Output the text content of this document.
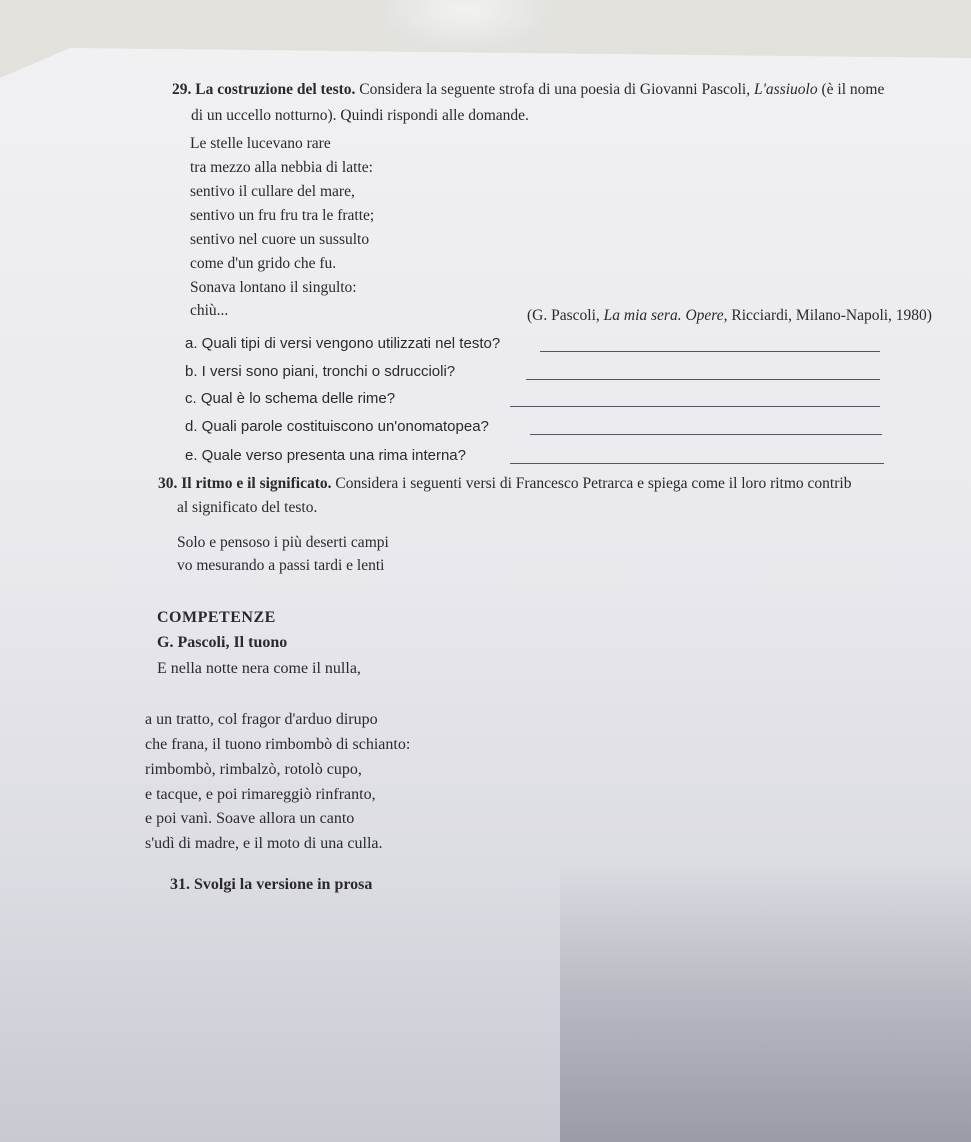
29. La costruzione del testo. Considera la seguente strofa di una poesia di Giovanni Pascoli, L'assiuolo (è il nome
di un uccello notturno). Quindi rispondi alle domande.
Le stelle lucevano rare
tra mezzo alla nebbia di latte:
sentivo il cullare del mare,
sentivo un fru fru tra le fratte;
sentivo nel cuore un sussulto
come d'un grido che fu.
Sonava lontano il singulto:
chiù...	(G. Pascoli, La mia sera. Opere, Ricciardi, Milano-Napoli, 1980)
a. Quali tipi di versi vengono utilizzati nel testo?
b. I versi sono piani, tronchi o sdruccioli?
c. Qual è lo schema delle rime?
d. Quali parole costituiscono un'onomatopea?
e. Quale verso presenta una rima interna?
30. Il ritmo e il significato. Considera i seguenti versi di Francesco Petrarca e spiega come il loro ritmo contrib
al significato del testo.
Solo e pensoso i più deserti campi
vo mesurando a passi tardi e lenti
COMPETENZE
G. Pascoli, Il tuono
E nella notte nera come il nulla,
a un tratto, col fragor d'arduo dirupo
che frana, il tuono rimbombò di schianto:
rimbombò, rimbalzò, rotolò cupo,
e tacque, e poi rimareggiò rinfranto,
e poi vanì. Soave allora un canto
s'udì di madre, e il moto di una culla.
31. Svolgi la versione in prosa
